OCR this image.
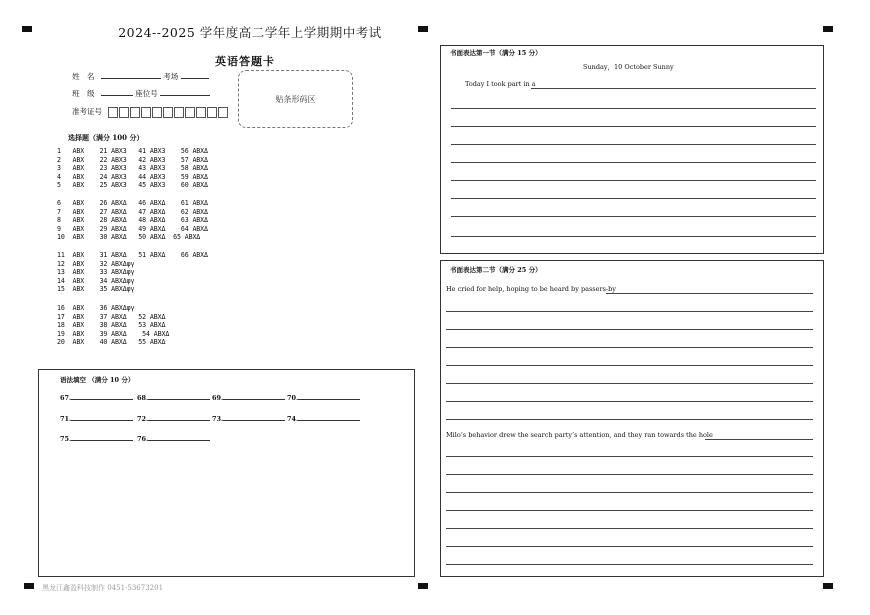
2024--2025 学年度高二学年上学期期中考试
英语答题卡
姓　名	考场
班　级	座位号
准考证号
贴条形码区
选择题（满分 100 分）
1   ABX    21 ABX3   41 ABX3    56 ABXΔ
2   ABX    22 ABX3   42 ABX3    57 ABXΔ
3   ABX    23 ABX3   43 ABX3    58 ABXΔ
4   ABX    24 ABX3   44 ABX3    59 ABXΔ
5   ABX    25 ABX3   45 ABX3    60 ABXΔ
6   ABX    26 ABXΔ   46 ABXΔ    61 ABXΔ
7   ABX    27 ABXΔ   47 ABXΔ    62 ABXΔ
8   ABX    28 ABXΔ   48 ABXΔ    63 ABXΔ
9   ABX    29 ABXΔ   49 ABXΔ    64 ABXΔ
10  ABX    30 ABXΔ   50 ABXΔ  65 ABXΔ
11  ABX    31 ABXΔ   51 ABXΔ    66 ABXΔ
12  ABX    32 ABXΔφγ
13  ABX    33 ABXΔφγ
14  ABX    34 ABXΔφγ
15  ABX    35 ABXΔφγ
16  ABX    36 ABXΔφγ
17  ABX    37 ABXΔ   52 ABXΔ
18  ABX    38 ABXΔ   53 ABXΔ
19  ABX    39 ABXΔ    54 ABXΔ
20  ABX    40 ABXΔ   55 ABXΔ
语法填空 （满分 10 分）
67.	68.	69.	70.
71.	72.	73.	74.
75.	76.
书面表达第一节（满分 15 分）
Sunday，10 October Sunny
Today I took part in a
书面表达第二节（满分 25 分）
He cried for help, hoping to be heard by passers-by
Milo’s behavior drew the search party’s attention, and they ran towards the hole
黑龙江鑫盈科技制作 0451-53673201
